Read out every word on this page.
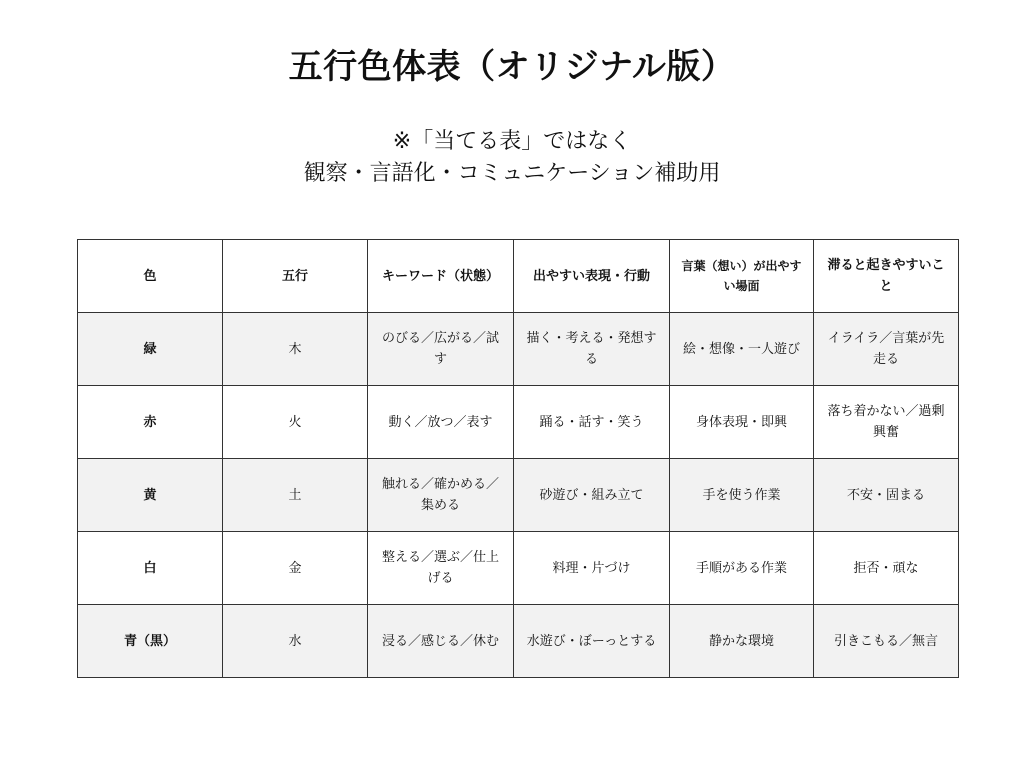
五行色体表（オリジナル版）
※「当てる表」ではなく
観察・言語化・コミュニケーション補助用
色	五行	キーワード（状態）	出やすい表現・行動	言葉（想い）が出やすい場面	滞ると起きやすいこと
緑	木	のびる／広がる／試す	描く・考える・発想する	絵・想像・一人遊び	イライラ／言葉が先走る
赤	火	動く／放つ／表す	踊る・話す・笑う	身体表現・即興	落ち着かない／過剰興奮
黄	土	触れる／確かめる／集める	砂遊び・組み立て	手を使う作業	不安・固まる
白	金	整える／選ぶ／仕上げる	料理・片づけ	手順がある作業	拒否・頑な
青（黒）	水	浸る／感じる／休む	水遊び・ぼーっとする	静かな環境	引きこもる／無言
